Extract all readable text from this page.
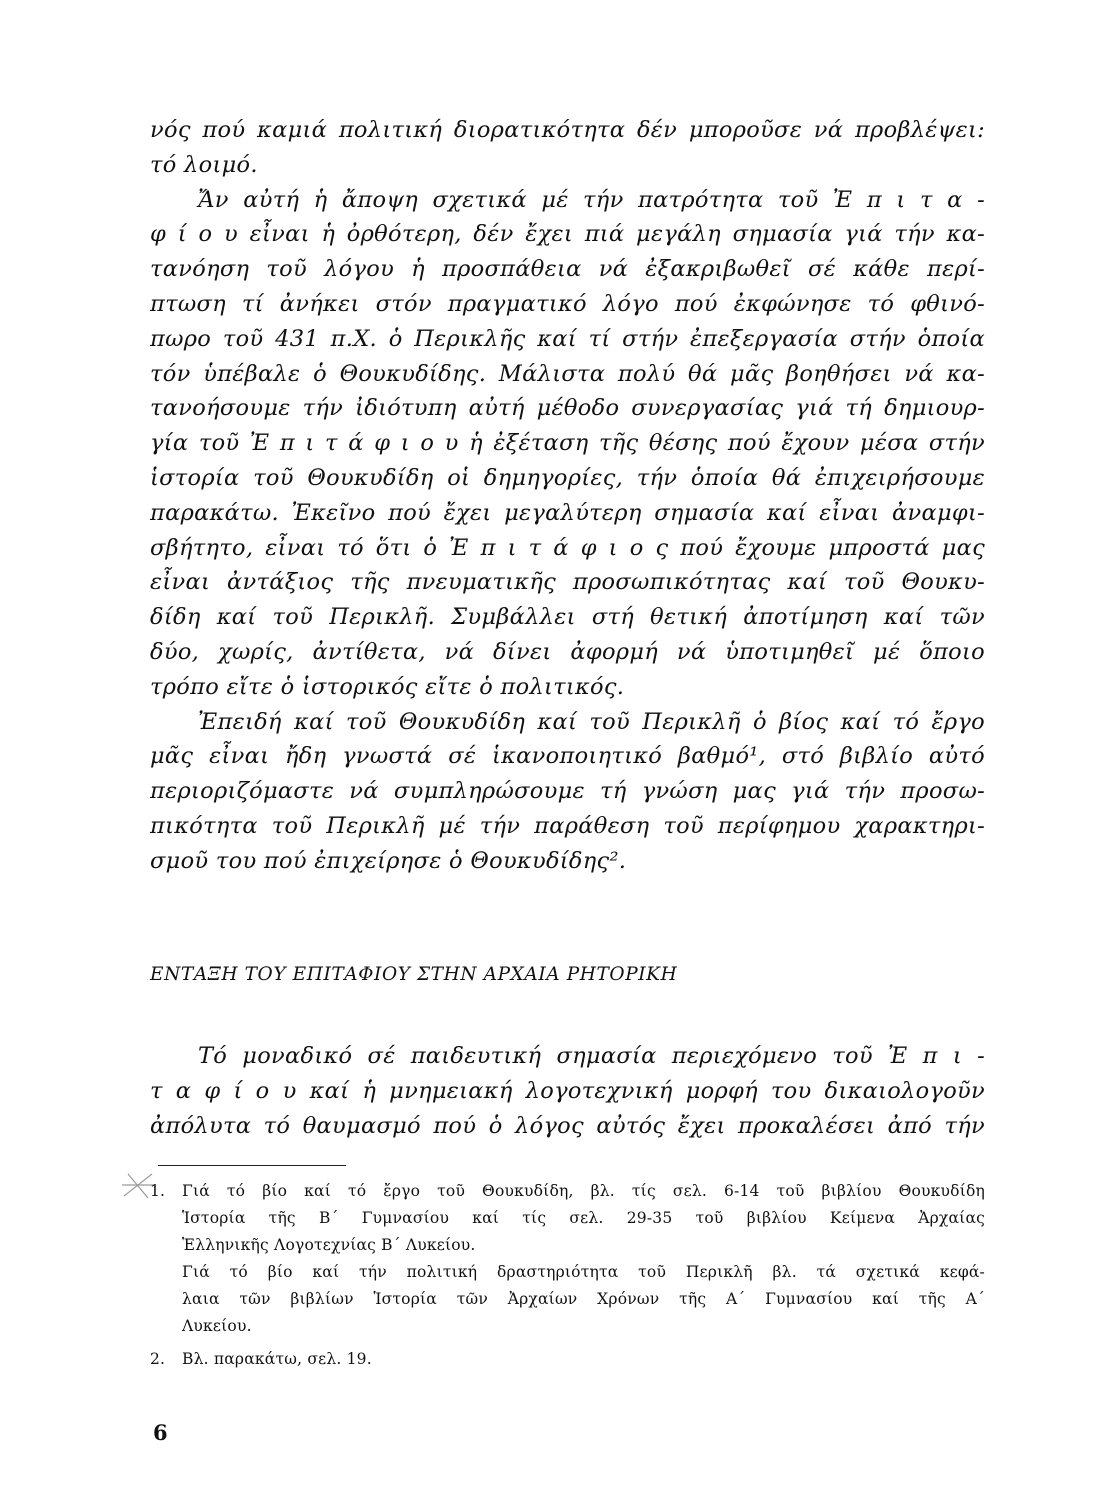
νός πού καμιά πολιτική διορατικότητα δέν μποροῦσε νά προβλέψει:
τό λοιμό.
Ἄν αὐτή ἡ ἄποψη σχετικά μέ τήν πατρότητα τοῦ Ἐ π ι τ α -
φ ί ο υ εἶναι ἡ ὀρθότερη, δέν ἔχει πιά μεγάλη σημασία γιά τήν κα-
τανόηση τοῦ λόγου ἡ προσπάθεια νά ἐξακριβωθεῖ σέ κάθε περί-
πτωση τί ἀνήκει στόν πραγματικό λόγο πού ἐκφώνησε τό φθινό-
πωρο τοῦ 431 π.Χ. ὁ Περικλῆς καί τί στήν ἐπεξεργασία στήν ὁποία
τόν ὑπέβαλε ὁ Θουκυδίδης. Μάλιστα πολύ θά μᾶς βοηθήσει νά κα-
τανοήσουμε τήν ἰδιότυπη αὐτή μέθοδο συνεργασίας γιά τή δημιουρ-
γία τοῦ Ἐ π ι τ ά φ ι ο υ ἡ ἐξέταση τῆς θέσης πού ἔχουν μέσα στήν
ἱστορία τοῦ Θουκυδίδη οἱ δημηγορίες, τήν ὁποία θά ἐπιχειρήσουμε
παρακάτω. Ἐκεῖνο πού ἔχει μεγαλύτερη σημασία καί εἶναι ἀναμφι-
σβήτητο, εἶναι τό ὅτι ὁ Ἐ π ι τ ά φ ι ο ς πού ἔχουμε μπροστά μας
εἶναι ἀντάξιος τῆς πνευματικῆς προσωπικότητας καί τοῦ Θουκυ-
δίδη καί τοῦ Περικλῆ. Συμβάλλει στή θετική ἀποτίμηση καί τῶν
δύο, χωρίς, ἀντίθετα, νά δίνει ἀφορμή νά ὑποτιμηθεῖ μέ ὅποιο
τρόπο εἴτε ὁ ἱστορικός εἴτε ὁ πολιτικός.
Ἐπειδή καί τοῦ Θουκυδίδη καί τοῦ Περικλῆ ὁ βίος καί τό ἔργο
μᾶς εἶναι ἤδη γνωστά σέ ἱκανοποιητικό βαθμό¹, στό βιβλίο αὐτό
περιοριζόμαστε νά συμπληρώσουμε τή γνώση μας γιά τήν προσω-
πικότητα τοῦ Περικλῆ μέ τήν παράθεση τοῦ περίφημου χαρακτηρι-
σμοῦ του πού ἐπιχείρησε ὁ Θουκυδίδης².
ΕΝΤΑΞΗ ΤΟΥ ΕΠΙΤΑΦΙΟΥ ΣΤΗΝ ΑΡΧΑΙΑ ΡΗΤΟΡΙΚΗ
Τό μοναδικό σέ παιδευτική σημασία περιεχόμενο τοῦ Ἐ π ι -
τ α φ ί ο υ καί ἡ μνημειακή λογοτεχνική μορφή του δικαιολογοῦν
ἀπόλυτα τό θαυμασμό πού ὁ λόγος αὐτός ἔχει προκαλέσει ἀπό τήν
1. Γιά τό βίο καί τό ἔργο τοῦ Θουκυδίδη, βλ. τίς σελ. 6-14 τοῦ βιβλίου Θουκυδίδη
Ἱστορία τῆς Β΄ Γυμνασίου καί τίς σελ. 29-35 τοῦ βιβλίου Κείμενα Ἀρχαίας
Ἑλληνικῆς Λογοτεχνίας Β΄ Λυκείου.
Γιά τό βίο καί τήν πολιτική δραστηριότητα τοῦ Περικλῆ βλ. τά σχετικά κεφά-
λαια τῶν βιβλίων Ἱστορία τῶν Ἀρχαίων Χρόνων τῆς Α΄ Γυμνασίου καί τῆς Α΄
Λυκείου.
2. Βλ. παρακάτω, σελ. 19.
6
